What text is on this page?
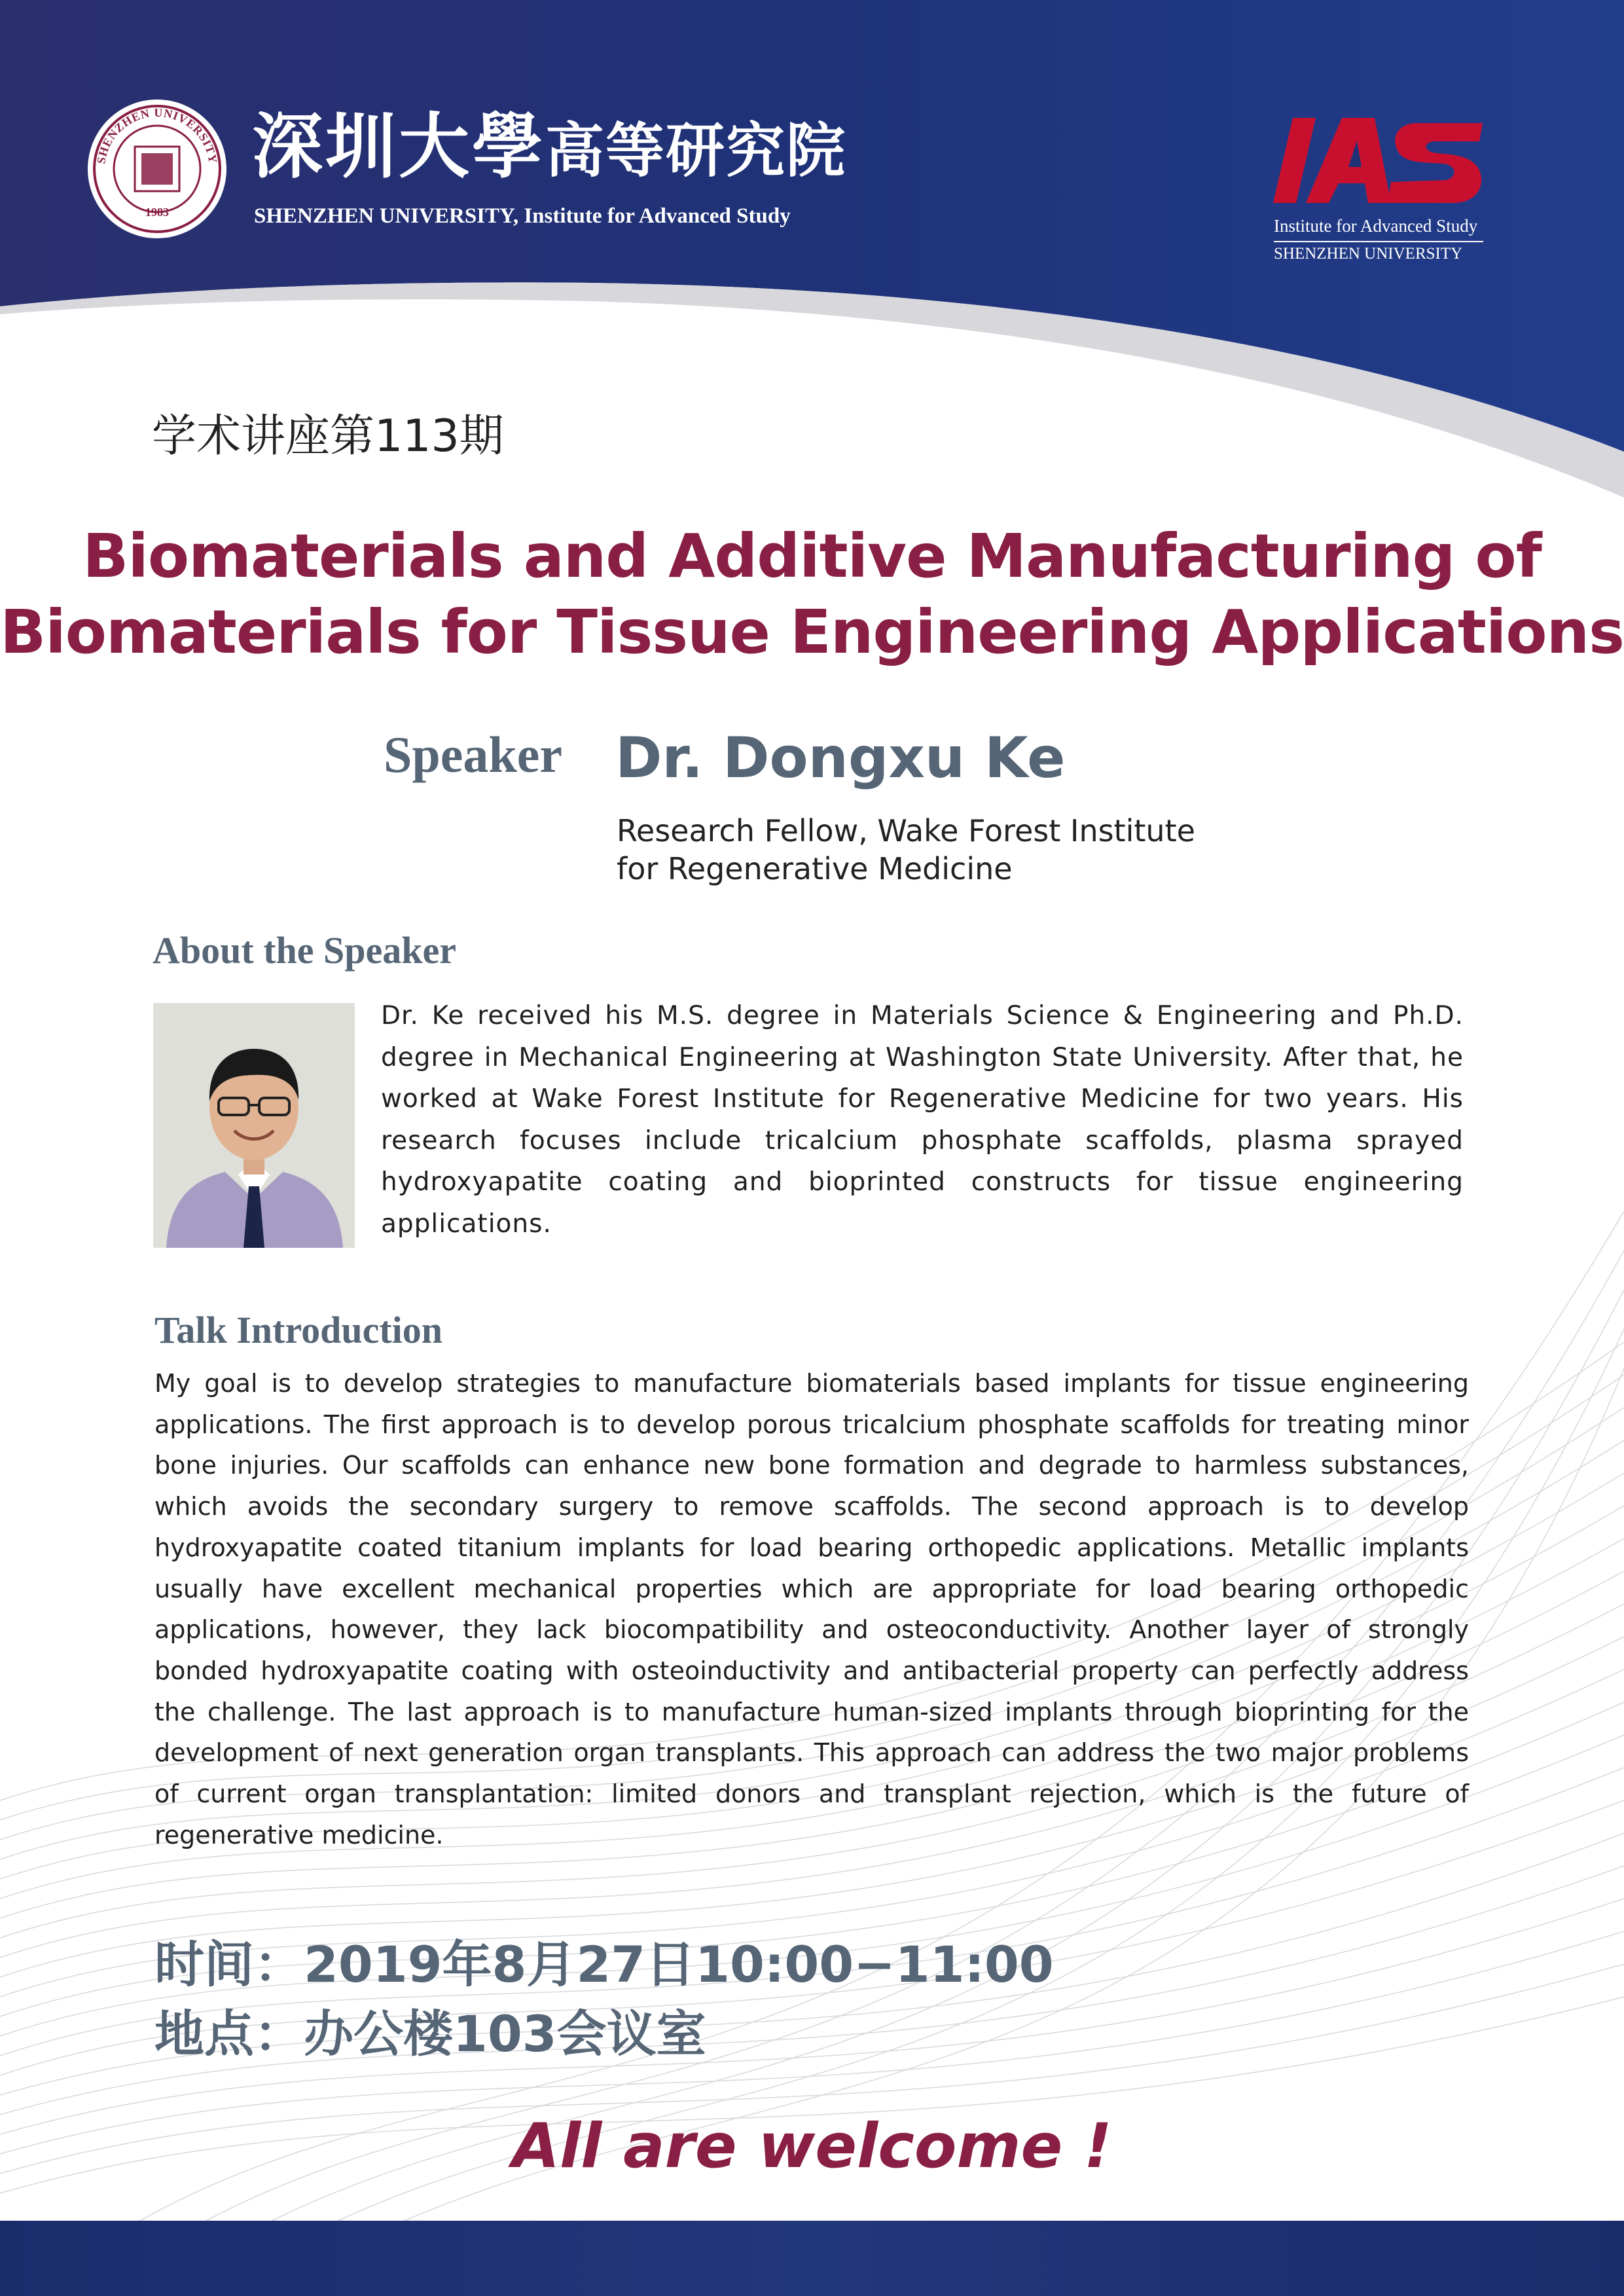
SHENZHEN UNIVERSITY
1983
深圳大學高等研究院
SHENZHEN UNIVERSITY, Institute for Advanced Study
IAS
Institute for Advanced Study
SHENZHEN UNIVERSITY
学术讲座第113期
Biomaterials and Additive Manufacturing of
Biomaterials for Tissue Engineering Applications
Speaker Dr. Dongxu Ke
Research Fellow, Wake Forest Institute
for Regenerative Medicine
About the Speaker
Dr. Ke received his M.S. degree in Materials Science & Engineering and Ph.D. degree in Mechanical Engineering at Washington State University. After that, he worked at Wake Forest Institute for Regenerative Medicine for two years. His research focuses include tricalcium phosphate scaffolds, plasma sprayed hydroxyapatite coating and bioprinted constructs for tissue engineering applications.
Talk Introduction
My goal is to develop strategies to manufacture biomaterials based implants for tissue engineering applications. The first approach is to develop porous tricalcium phosphate scaffolds for treating minor bone injuries. Our scaffolds can enhance new bone formation and degrade to harmless substances, which avoids the secondary surgery to remove scaffolds. The second approach is to develop hydroxyapatite coated titanium implants for load bearing orthopedic applications. Metallic implants usually have excellent mechanical properties which are appropriate for load bearing orthopedic applications, however, they lack biocompatibility and osteoconductivity. Another layer of strongly bonded hydroxyapatite coating with osteoinductivity and antibacterial property can perfectly address the challenge. The last approach is to manufacture human-sized implants through bioprinting for the development of next generation organ transplants. This approach can address the two major problems of current organ transplantation: limited donors and transplant rejection, which is the future of regenerative medicine.
时间：2019年8月27日10:00−11:00
地点：办公楼103会议室
All are welcome !
